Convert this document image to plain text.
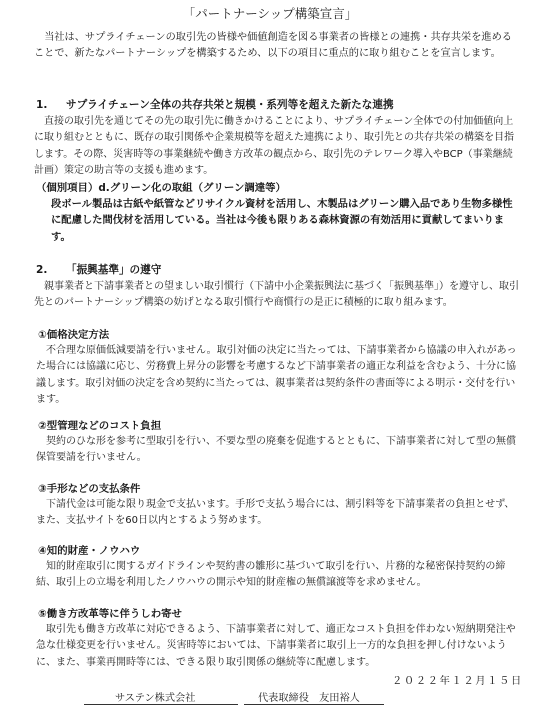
「パートナーシップ構築宣言」
当社は、サプライチェーンの取引先の皆様や価値創造を図る事業者の皆様との連携・共存共栄を進めることで、新たなパートナーシップを構築するため、以下の項目に重点的に取り組むことを宣言します。
1. サプライチェーン全体の共存共栄と規模・系列等を超えた新たな連携
直接の取引先を通じてその先の取引先に働きかけることにより、サプライチェーン全体での付加価値向上に取り組むとともに、既存の取引関係や企業規模等を超えた連携により、取引先との共存共栄の構築を目指します。その際、災害時等の事業継続や働き方改革の観点から、取引先のテレワーク導入やBCP（事業継続計画）策定の助言等の支援も進めます。
（個別項目）d.グリーン化の取組（グリーン調達等）
段ボール製品は古紙や紙管などリサイクル資材を活用し、木製品はグリーン購入品であり生物多様性に配慮した間伐材を活用している。当社は今後も限りある森林資源の有効活用に貢献してまいります。
2. 「振興基準」の遵守
親事業者と下請事業者との望ましい取引慣行（下請中小企業振興法に基づく「振興基準」）を遵守し、取引先とのパートナーシップ構築の妨げとなる取引慣行や商慣行の是正に積極的に取り組みます。
①価格決定方法
不合理な原価低減要請を行いません。取引対価の決定に当たっては、下請事業者から協議の申入れがあった場合には協議に応じ、労務費上昇分の影響を考慮するなど下請事業者の適正な利益を含むよう、十分に協議します。取引対価の決定を含め契約に当たっては、親事業者は契約条件の書面等による明示・交付を行います。
②型管理などのコスト負担
契約のひな形を参考に型取引を行い、不要な型の廃棄を促進するとともに、下請事業者に対して型の無償保管要請を行いません。
③手形などの支払条件
下請代金は可能な限り現金で支払います。手形で支払う場合には、割引料等を下請事業者の負担とせず、また、支払サイトを60日以内とするよう努めます。
④知的財産・ノウハウ
知的財産取引に関するガイドラインや契約書の雛形に基づいて取引を行い、片務的な秘密保持契約の締結、取引上の立場を利用したノウハウの開示や知的財産権の無償譲渡等を求めません。
⑤働き方改革等に伴うしわ寄せ
取引先も働き方改革に対応できるよう、下請事業者に対して、適正なコスト負担を伴わない短納期発注や急な仕様変更を行いません。災害時等においては、下請事業者に取引上一方的な負担を押し付けないように、また、事業再開時等には、できる限り取引関係の継続等に配慮します。
２０２２年１２月１５日
サステン株式会社	代表取締役　友田裕人
